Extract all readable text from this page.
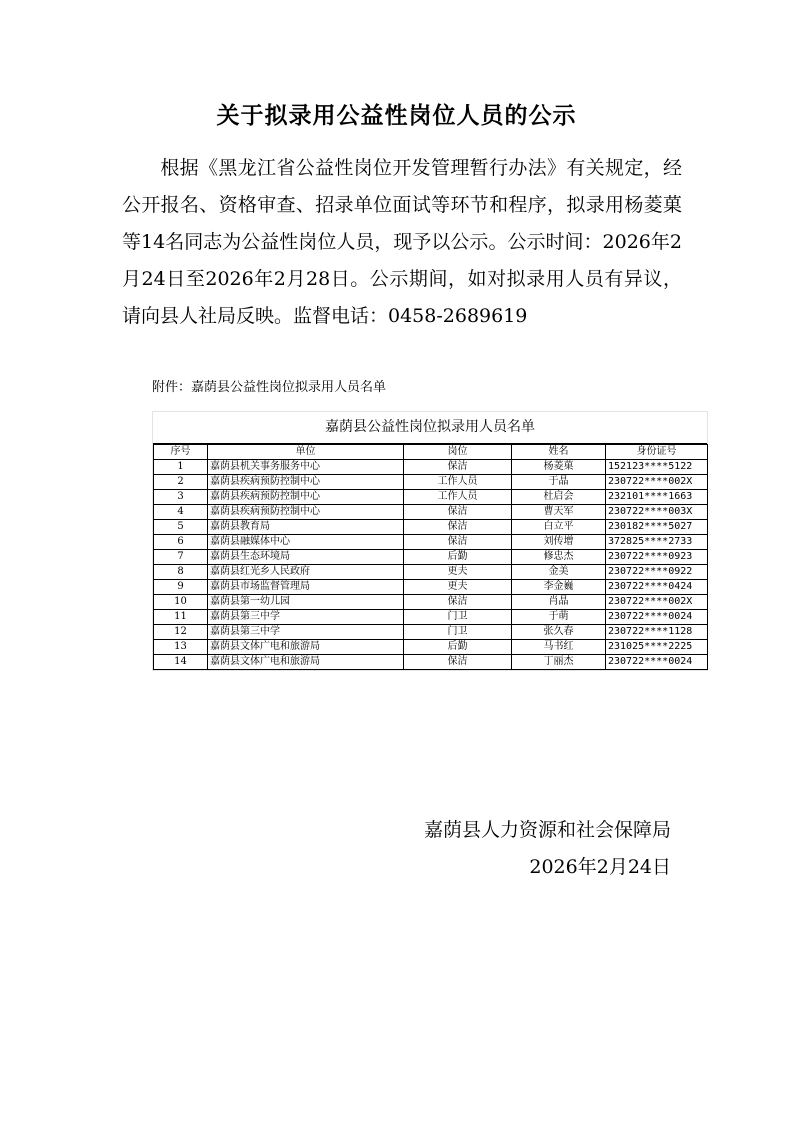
关于拟录用公益性岗位人员的公示
根据《黑龙江省公益性岗位开发管理暂行办法》有关规定，经公开报名、资格审查、招录单位面试等环节和程序，拟录用杨菱菓等14名同志为公益性岗位人员，现予以公示。公示时间：2026年2月24日至2026年2月28日。公示期间，如对拟录用人员有异议，请向县人社局反映。监督电话：0458-2689619
附件：嘉荫县公益性岗位拟录用人员名单
嘉荫县公益性岗位拟录用人员名单
序号	单位	岗位	姓名	身份证号
1	嘉荫县机关事务服务中心	保洁	杨菱菓	152123****5122
2	嘉荫县疾病预防控制中心	工作人员	于晶	230722****002X
3	嘉荫县疾病预防控制中心	工作人员	杜启会	232101****1663
4	嘉荫县疾病预防控制中心	保洁	曹天军	230722****003X
5	嘉荫县教育局	保洁	白立平	230182****5027
6	嘉荫县融媒体中心	保洁	刘传增	372825****2733
7	嘉荫县生态环境局	后勤	修忠杰	230722****0923
8	嘉荫县红光乡人民政府	更夫	金美	230722****0922
9	嘉荫县市场监督管理局	更夫	李金巍	230722****0424
10	嘉荫县第一幼儿园	保洁	肖晶	230722****002X
11	嘉荫县第三中学	门卫	于萌	230722****0024
12	嘉荫县第三中学	门卫	张久春	230722****1128
13	嘉荫县文体广电和旅游局	后勤	马书红	231025****2225
14	嘉荫县文体广电和旅游局	保洁	丁丽杰	230722****0024
嘉荫县人力资源和社会保障局
2026年2月24日
